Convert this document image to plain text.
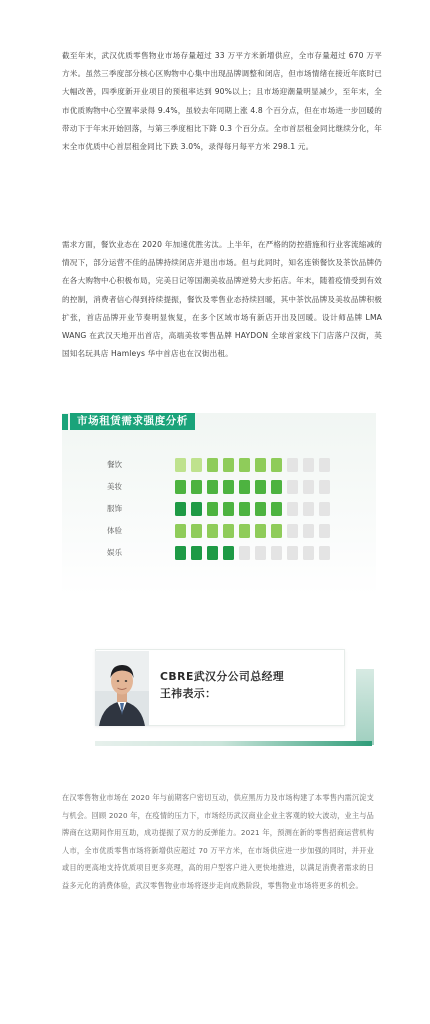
截至年末，武汉优质零售物业市场存量超过 33 万平方米新增供应，全市存量超过 670 万平方米。虽然三季度部分核心区购物中心集中出现品牌调整和闭店，但市场情绪在接近年底时已大幅改善，四季度新开业项目的预租率达到 90%以上；且市场迎潮量明显减少，至年末，全市优质购物中心空置率录得 9.4%，虽较去年同期上涨 4.8 个百分点，但在市场进一步回暖的带动下于年末开始回落，与第三季度相比下降 0.3 个百分点。全市首层租金同比继续分化，年末全市优质中心首层租金同比下跌 3.0%，录得每月每平方米 298.1 元。
需求方面，餐饮业态在 2020 年加速优胜劣汰。上半年，在严格的防控措施和行业客流缩减的情况下，部分运营不佳的品牌持续闭店并退出市场。但与此同时，知名连锁餐饮及茶饮品牌仍在各大购物中心积极布局，完美日记等国潮美妆品牌逆势大步拓店。年末，随着疫情受到有效的控制，消费者信心得到持续提振，餐饮及零售业态持续回暖，其中茶饮品牌及美妆品牌积极扩张，首店品牌开业节奏明显恢复，在多个区域市场有新店开出及回暖。设计师品牌 LMA WANG 在武汉天地开出首店，高端美妆零售品牌 HAYDON 全球首家线下门店落户汉街，英国知名玩具店 Hamleys 华中首店也在汉街出租。
市场租赁需求强度分析
餐饮
美妆
服饰
体验
娱乐
CBRE武汉分公司总经理
王祎表示：
在汉零售物业市场在 2020 年与前期客户密切互动，供应黑历力及市场构建了本零售内需沉淀支与机会。回顾 2020 年，在疫情的压力下，市场经历武汉商业企业主客观的较大波动，业主与品牌商在这期间作用互助，成功提振了双方的反弹能力。2021 年，预测在新的零售招商运营机构人市，全市优质零售市场将新增供应超过 70 万平方米，在市场供应进一步加强的同时，并开业或目的更高地支持优质项目更多亮理，高的用户型客户进入更快地推进，以满足消费者需求的日益多元化的消费体验，武汉零售物业市场将逐步走向成熟阶段，零售物业市场将更多的机会。
